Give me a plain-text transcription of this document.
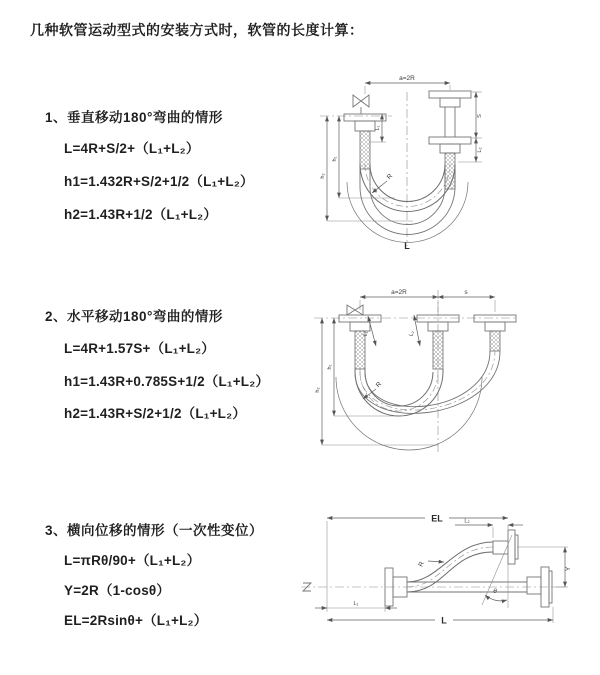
几种软管运动型式的安装方式时，软管的长度计算：
1、垂直移动180°弯曲的情形
L=4R+S/2+（L₁+L₂）
h1=1.432R+S/2+1/2（L₁+L₂）
h2=1.43R+1/2（L₁+L₂）
2、水平移动180°弯曲的情形
L=4R+1.57S+（L₁+L₂）
h1=1.43R+0.785S+1/2（L₁+L₂）
h2=1.43R+S/2+1/2（L₁+L₂）
3、横向位移的情形（一次性变位）
L=πRθ/90+（L₁+L₂）
Y=2R（1-cosθ）
EL=2Rsinθ+（L₁+L₂）
a=2R
L₁
S
L₂
h₁
h₂	R
L
a=2R	s
L₁	L₂
h₁
h₂
R
θ
R
EL	L₂
Y
L₁
L
